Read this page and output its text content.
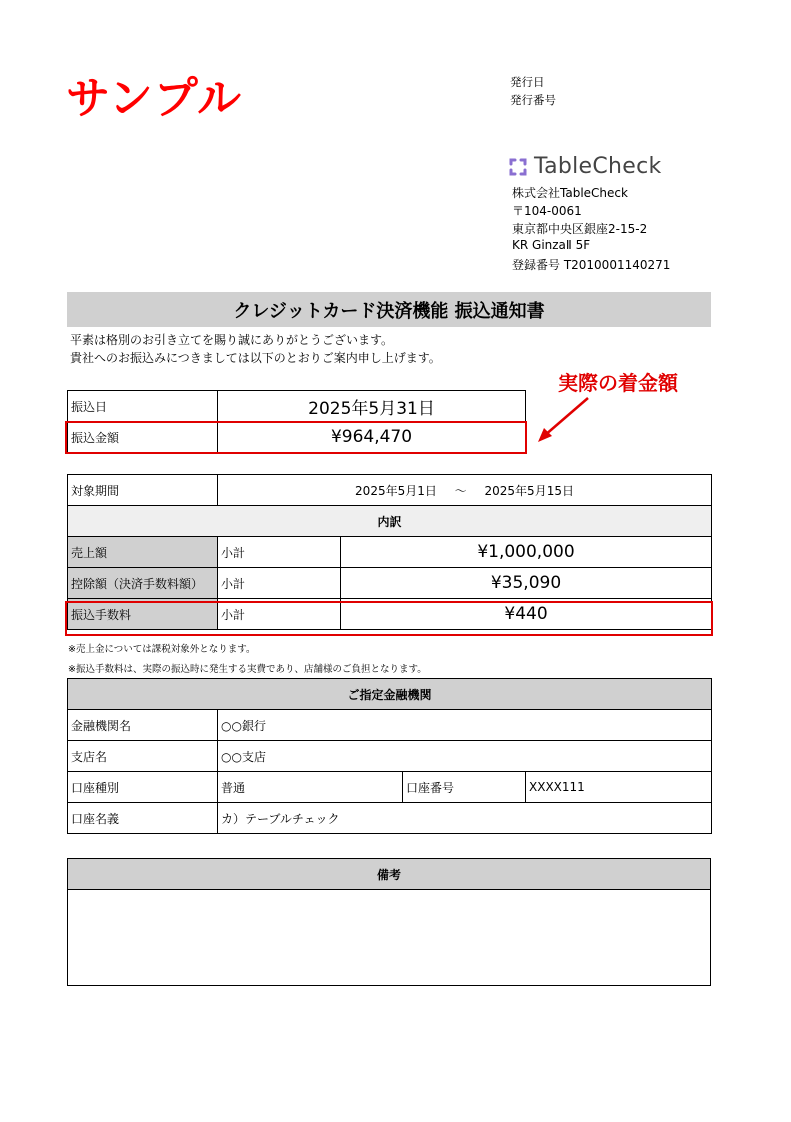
サンプル	発行日
発行番号
TableCheck
株式会社TableCheck
〒104-0061
東京都中央区銀座2-15-2
KR GinzaⅡ 5F
登録番号 T2010001140271
クレジットカード決済機能 振込通知書
平素は格別のお引き立てを賜り誠にありがとうございます。
貴社へのお振込みにつきましては以下のとおりご案内申し上げます。
実際の着金額
振込日	2025年5月31日
振込金額	¥964,470
対象期間	2025年5月1日 〜 2025年5月15日	
内訳		
売上額	小計	¥1,000,000
控除額（決済手数料額）	小計	¥35,090
振込手数料	小計	¥440
※売上金については課税対象外となります。
※振込手数料は、実際の振込時に発生する実費であり、店舗様のご負担となります。
ご指定金融機関			
金融機関名	○○銀行		
支店名	○○支店		
口座種別	普通	口座番号	XXXX111
口座名義	カ）テーブルチェック		
備考
